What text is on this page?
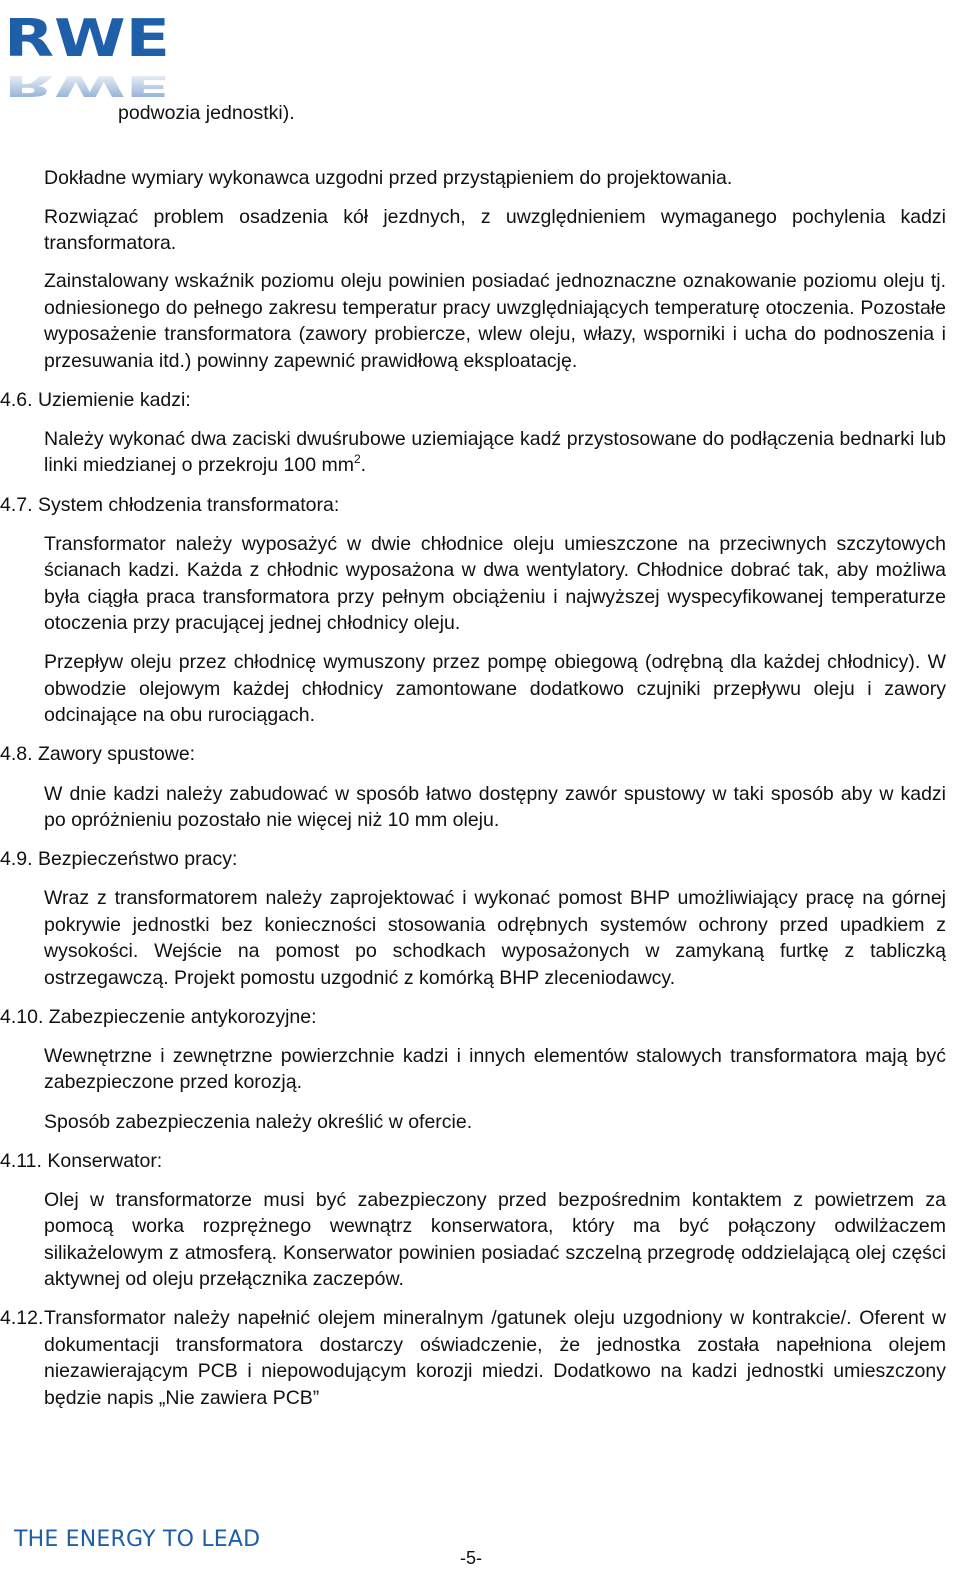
RWE
RWE

podwozia jednostki).

Dokładne wymiary wykonawca uzgodni przed przystąpieniem do projektowania.

Rozwiązać problem osadzenia kół jezdnych, z uwzględnieniem wymaganego pochylenia kadzi transformatora.

Zainstalowany wskaźnik poziomu oleju powinien posiadać jednoznaczne oznakowanie poziomu oleju tj. odniesionego do pełnego zakresu temperatur pracy uwzględniających temperaturę otoczenia. Pozostałe wyposażenie transformatora (zawory probiercze, wlew oleju, włazy, wsporniki i ucha do podnoszenia i przesuwania itd.) powinny zapewnić prawidłową eksploatację.

4.6. Uziemienie kadzi:

Należy wykonać dwa zaciski dwuśrubowe uziemiające kadź przystosowane do podłączenia bednarki lub linki miedzianej o przekroju 100 $mm^2$.

4.7. System chłodzenia transformatora:

Transformator należy wyposażyć w dwie chłodnice oleju umieszczone na przeciwnych szczytowych ścianach kadzi. Każda z chłodnic wyposażona w dwa wentylatory. Chłodnice dobrać tak, aby możliwa była ciągła praca transformatora przy pełnym obciążeniu i najwyższej wyspecyfikowanej temperaturze otoczenia przy pracującej jednej chłodnicy oleju.

Przepływ oleju przez chłodnicę wymuszony przez pompę obiegową (odrębną dla każdej chłodnicy). W obwodzie olejowym każdej chłodnicy zamontowane dodatkowo czujniki przepływu oleju i zawory odcinające na obu rurociągach.

4.8. Zawory spustowe:

W dnie kadzi należy zabudować w sposób łatwo dostępny zawór spustowy w taki sposób aby w kadzi po opróżnieniu pozostało nie więcej niż 10 mm oleju.

4.9. Bezpieczeństwo pracy:

Wraz z transformatorem należy zaprojektować i wykonać pomost BHP umożliwiający pracę na górnej pokrywie jednostki bez konieczności stosowania odrębnych systemów ochrony przed upadkiem z wysokości. Wejście na pomost po schodkach wyposażonych w zamykaną furtkę z tabliczką ostrzegawczą. Projekt pomostu uzgodnić z komórką BHP zleceniodawcy.

4.10. Zabezpieczenie antykorozyjne:

Wewnętrzne i zewnętrzne powierzchnie kadzi i innych elementów stalowych transformatora mają być zabezpieczone przed korozją.

Sposób zabezpieczenia należy określić w ofercie.

4.11. Konserwator:

Olej w transformatorze musi być zabezpieczony przed bezpośrednim kontaktem z powietrzem za pomocą worka rozprężnego wewnątrz konserwatora, który ma być połączony odwilżaczem silikażelowym z atmosferą. Konserwator powinien posiadać szczelną przegrodę oddzielającą olej części aktywnej od oleju przełącznika zaczepów.

4.12. Transformator należy napełnić olejem mineralnym /gatunek oleju uzgodniony w kontrakcie/. Oferent w dokumentacji transformatora dostarczy oświadczenie, że jednostka została napełniona olejem niezawierającym PCB i niepowodującym korozji miedzi. Dodatkowo na kadzi jednostki umieszczony będzie napis „Nie zawiera PCB”
THE ENERGY TO LEAD
-5-
